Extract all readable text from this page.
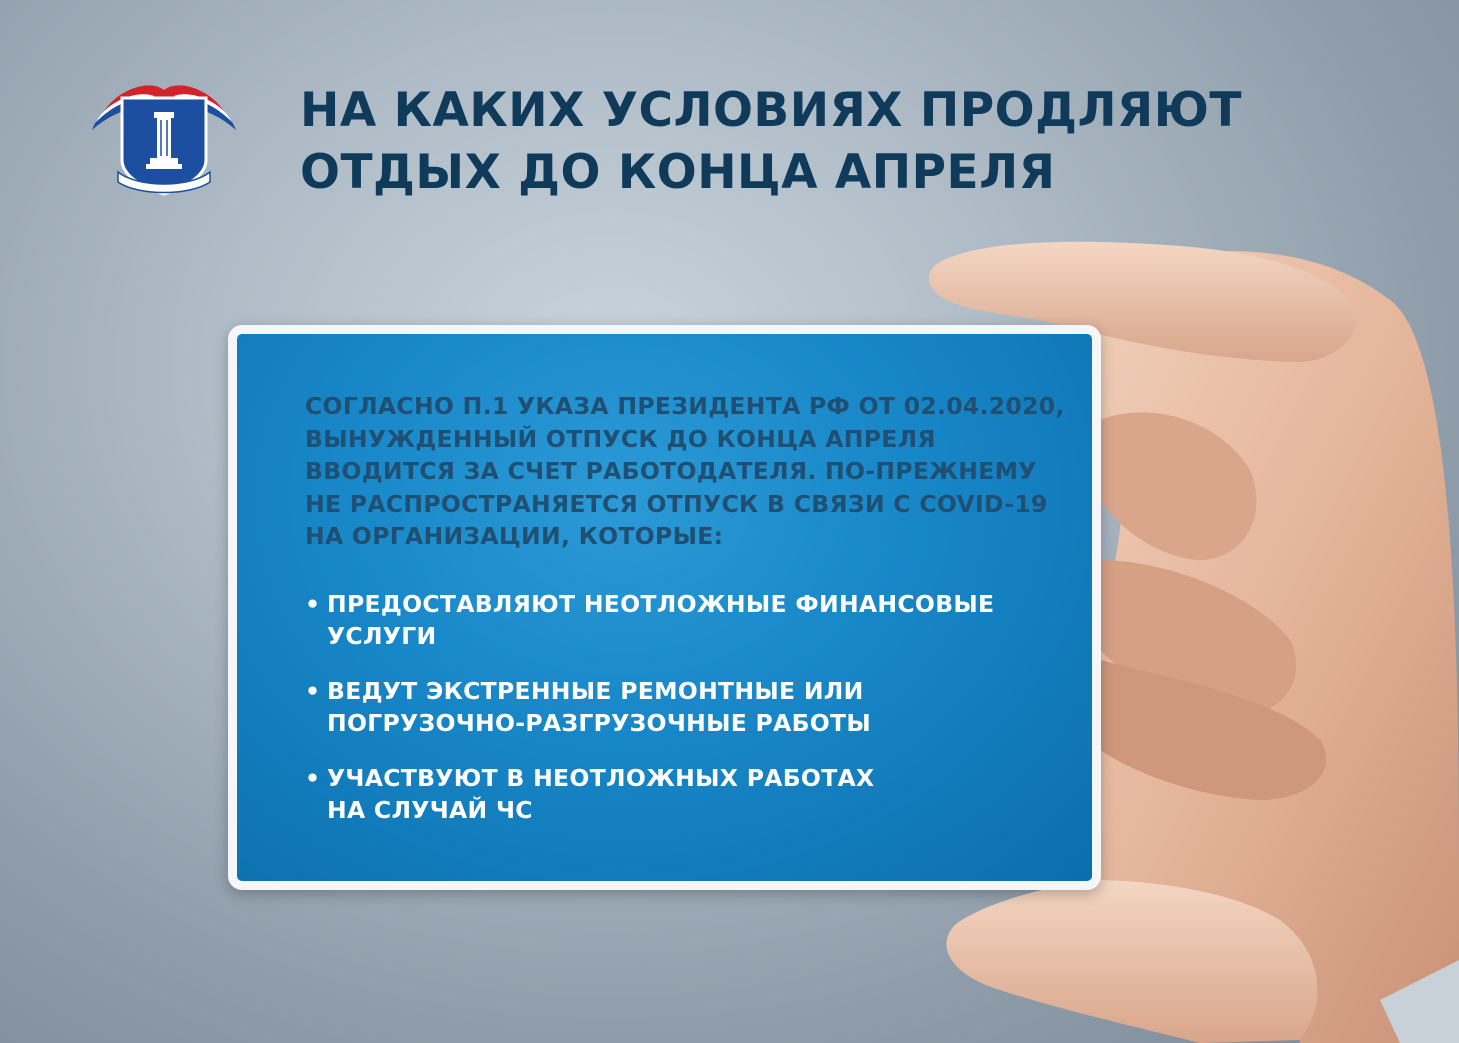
НА КАКИХ УСЛОВИЯХ ПРОДЛЯЮТ
ОТДЫХ ДО КОНЦА АПРЕЛЯ

СОГЛАСНО П.1 УКАЗА ПРЕЗИДЕНТА РФ ОТ 02.04.2020,
ВЫНУЖДЕННЫЙ ОТПУСК ДО КОНЦА АПРЕЛЯ
ВВОДИТСЯ ЗА СЧЕТ РАБОТОДАТЕЛЯ. ПО-ПРЕЖНЕМУ
НЕ РАСПРОСТРАНЯЕТСЯ ОТПУСК В СВЯЗИ С COVID-19
НА ОРГАНИЗАЦИИ, КОТОРЫЕ:

• ПРЕДОСТАВЛЯЮТ НЕОТЛОЖНЫЕ ФИНАНСОВЫЕ
УСЛУГИ
• ВЕДУТ ЭКСТРЕННЫЕ РЕМОНТНЫЕ ИЛИ
ПОГРУЗОЧНО-РАЗГРУЗОЧНЫЕ РАБОТЫ
• УЧАСТВУЮТ В НЕОТЛОЖНЫХ РАБОТАХ
НА СЛУЧАЙ ЧС
